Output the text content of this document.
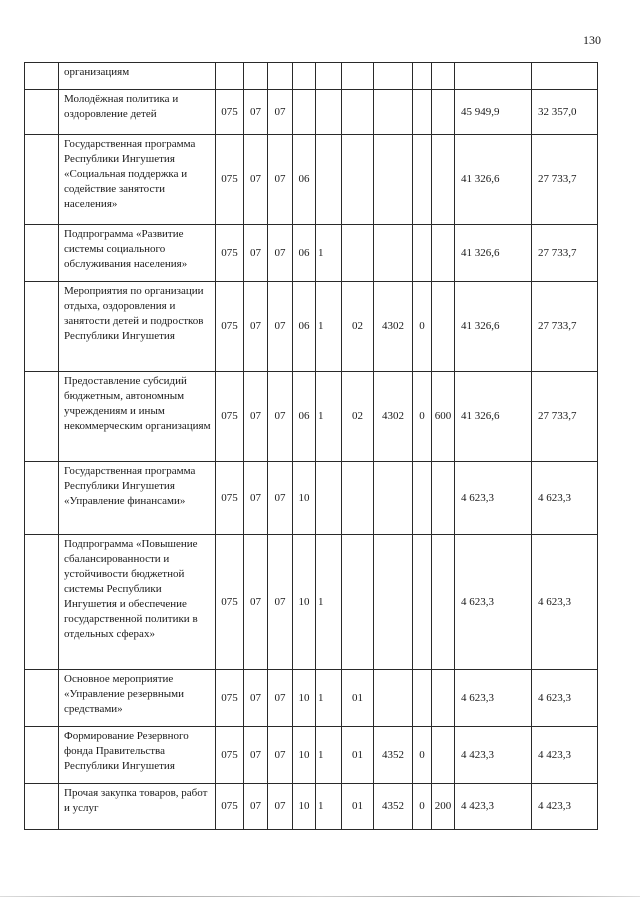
130
	организациям											
	Молодёжная политика и оздоровление детей	075	07	07							45 949,9	32 357,0
	Государственная программа Республики Ингушетия «Социальная поддержка и содействие занятости населения»	075	07	07	06						41 326,6	27 733,7
	Подпрограмма «Развитие системы социального обслуживания населения»	075	07	07	06	1					41 326,6	27 733,7
	Мероприятия по организации отдыха, оздоровления и занятости детей и подростков Республики Ингушетия	075	07	07	06	1	02	4302	0		41 326,6	27 733,7
	Предоставление субсидий бюджетным, автономным учреждениям и иным некоммерческим организациям	075	07	07	06	1	02	4302	0	600	41 326,6	27 733,7
	Государственная программа Республики Ингушетия «Управление финансами»	075	07	07	10						4 623,3	4 623,3
	Подпрограмма «Повышение сбалансированности и устойчивости бюджетной системы Республики Ингушетия и обеспечение государственной политики в отдельных сферах»	075	07	07	10	1					4 623,3	4 623,3
	Основное мероприятие «Управление резервными средствами»	075	07	07	10	1	01				4 623,3	4 623,3
	Формирование Резервного фонда Правительства Республики Ингушетия	075	07	07	10	1	01	4352	0		4 423,3	4 423,3
	Прочая закупка товаров, работ и услуг	075	07	07	10	1	01	4352	0	200	4 423,3	4 423,3
